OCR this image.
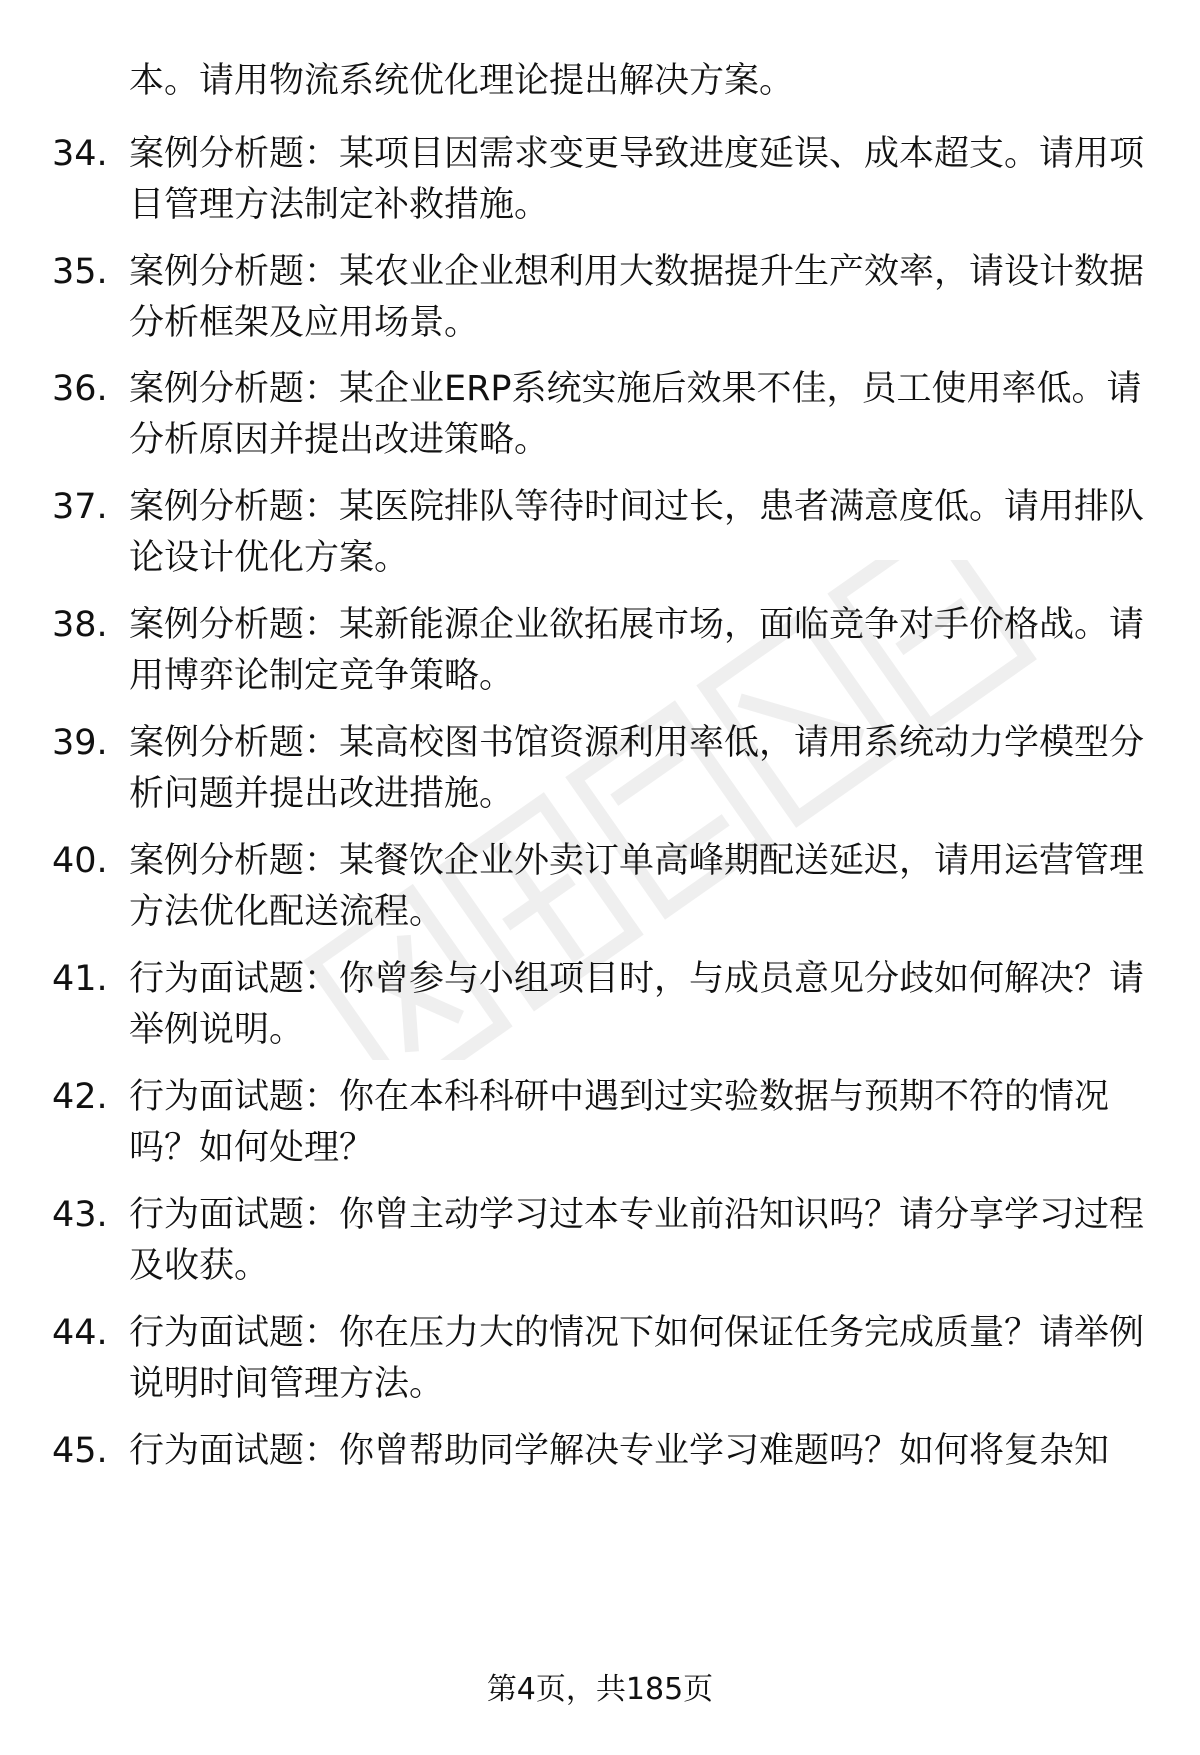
本。请用物流系统优化理论提出解决方案。
34. 案例分析题：某项目因需求变更导致进度延误、成本超支。请用项目管理方法制定补救措施。
35. 案例分析题：某农业企业想利用大数据提升生产效率，请设计数据分析框架及应用场景。
36. 案例分析题：某企业ERP系统实施后效果不佳，员工使用率低。请分析原因并提出改进策略。
37. 案例分析题：某医院排队等待时间过长，患者满意度低。请用排队论设计优化方案。
38. 案例分析题：某新能源企业欲拓展市场，面临竞争对手价格战。请用博弈论制定竞争策略。
39. 案例分析题：某高校图书馆资源利用率低，请用系统动力学模型分析问题并提出改进措施。
40. 案例分析题：某餐饮企业外卖订单高峰期配送延迟，请用运营管理方法优化配送流程。
41. 行为面试题：你曾参与小组项目时，与成员意见分歧如何解决？请举例说明。
42. 行为面试题：你在本科科研中遇到过实验数据与预期不符的情况吗？如何处理？
43. 行为面试题：你曾主动学习过本专业前沿知识吗？请分享学习过程及收获。
44. 行为面试题：你在压力大的情况下如何保证任务完成质量？请举例说明时间管理方法。
45. 行为面试题：你曾帮助同学解决专业学习难题吗？如何将复杂知
第4页，共185页
